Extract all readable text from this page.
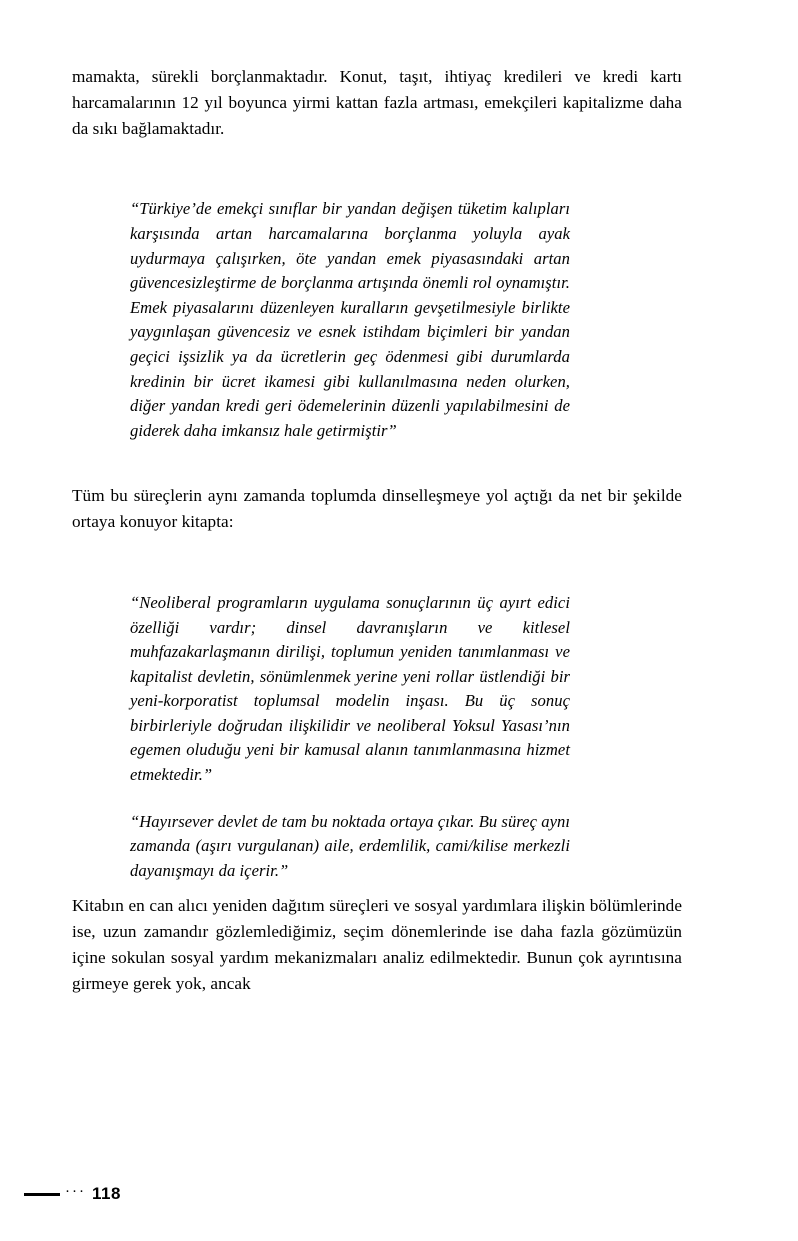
mamakta, sürekli borçlanmaktadır. Konut, taşıt, ihtiyaç kredileri ve kredi kartı harcamalarının 12 yıl boyunca yirmi kattan fazla artması, emekçileri kapitalizme daha da sıkı bağlamaktadır.

“Türkiye’de emekçi sınıflar bir yandan değişen tüketim kalıpları karşısında artan harcamalarına borçlanma yoluyla ayak uydurmaya çalışırken, öte yandan emek piyasasındaki artan güvencesizleştirme de borçlanma artışında önemli rol oynamıştır. Emek piyasalarını düzenleyen kuralların gevşetilmesiyle birlikte yaygınlaşan güvencesiz ve esnek istihdam biçimleri bir yandan geçici işsizlik ya da ücretlerin geç ödenmesi gibi durumlarda kredinin bir ücret ikamesi gibi kullanılmasına neden olurken, diğer yandan kredi geri ödemelerinin düzenli yapılabilmesini de giderek daha imkansız hale getirmiştir”

Tüm bu süreçlerin aynı zamanda toplumda dinselleşmeye yol açtığı da net bir şekilde ortaya konuyor kitapta:

“Neoliberal programların uygulama sonuçlarının üç ayırt edici özelliği vardır; dinsel davranışların ve kitlesel muhfazakarlaşmanın dirilişi, toplumun yeniden tanımlanması ve kapitalist devletin, sönümlenmek yerine yeni rollar üstlendiği bir yeni-korporatist toplumsal modelin inşası. Bu üç sonuç birbirleriyle doğrudan ilişkilidir ve neoliberal Yoksul Yasası’nın egemen oluduğu yeni bir kamusal alanın tanımlanmasına hizmet etmektedir.”

“Hayırsever devlet de tam bu noktada ortaya çıkar. Bu süreç aynı zamanda (aşırı vurgulanan) aile, erdemlilik, cami/kilise merkezli dayanışmayı da içerir.”

Kitabın en can alıcı yeniden dağıtım süreçleri ve sosyal yardımlara ilişkin bölümlerinde ise, uzun zamandır gözlemlediğimiz, seçim dönemlerinde ise daha fazla gözümüzün içine sokulan sosyal yardım mekanizmaları analiz edilmektedir. Bunun çok ayrıntısına girmeye gerek yok, ancak

··· 118
